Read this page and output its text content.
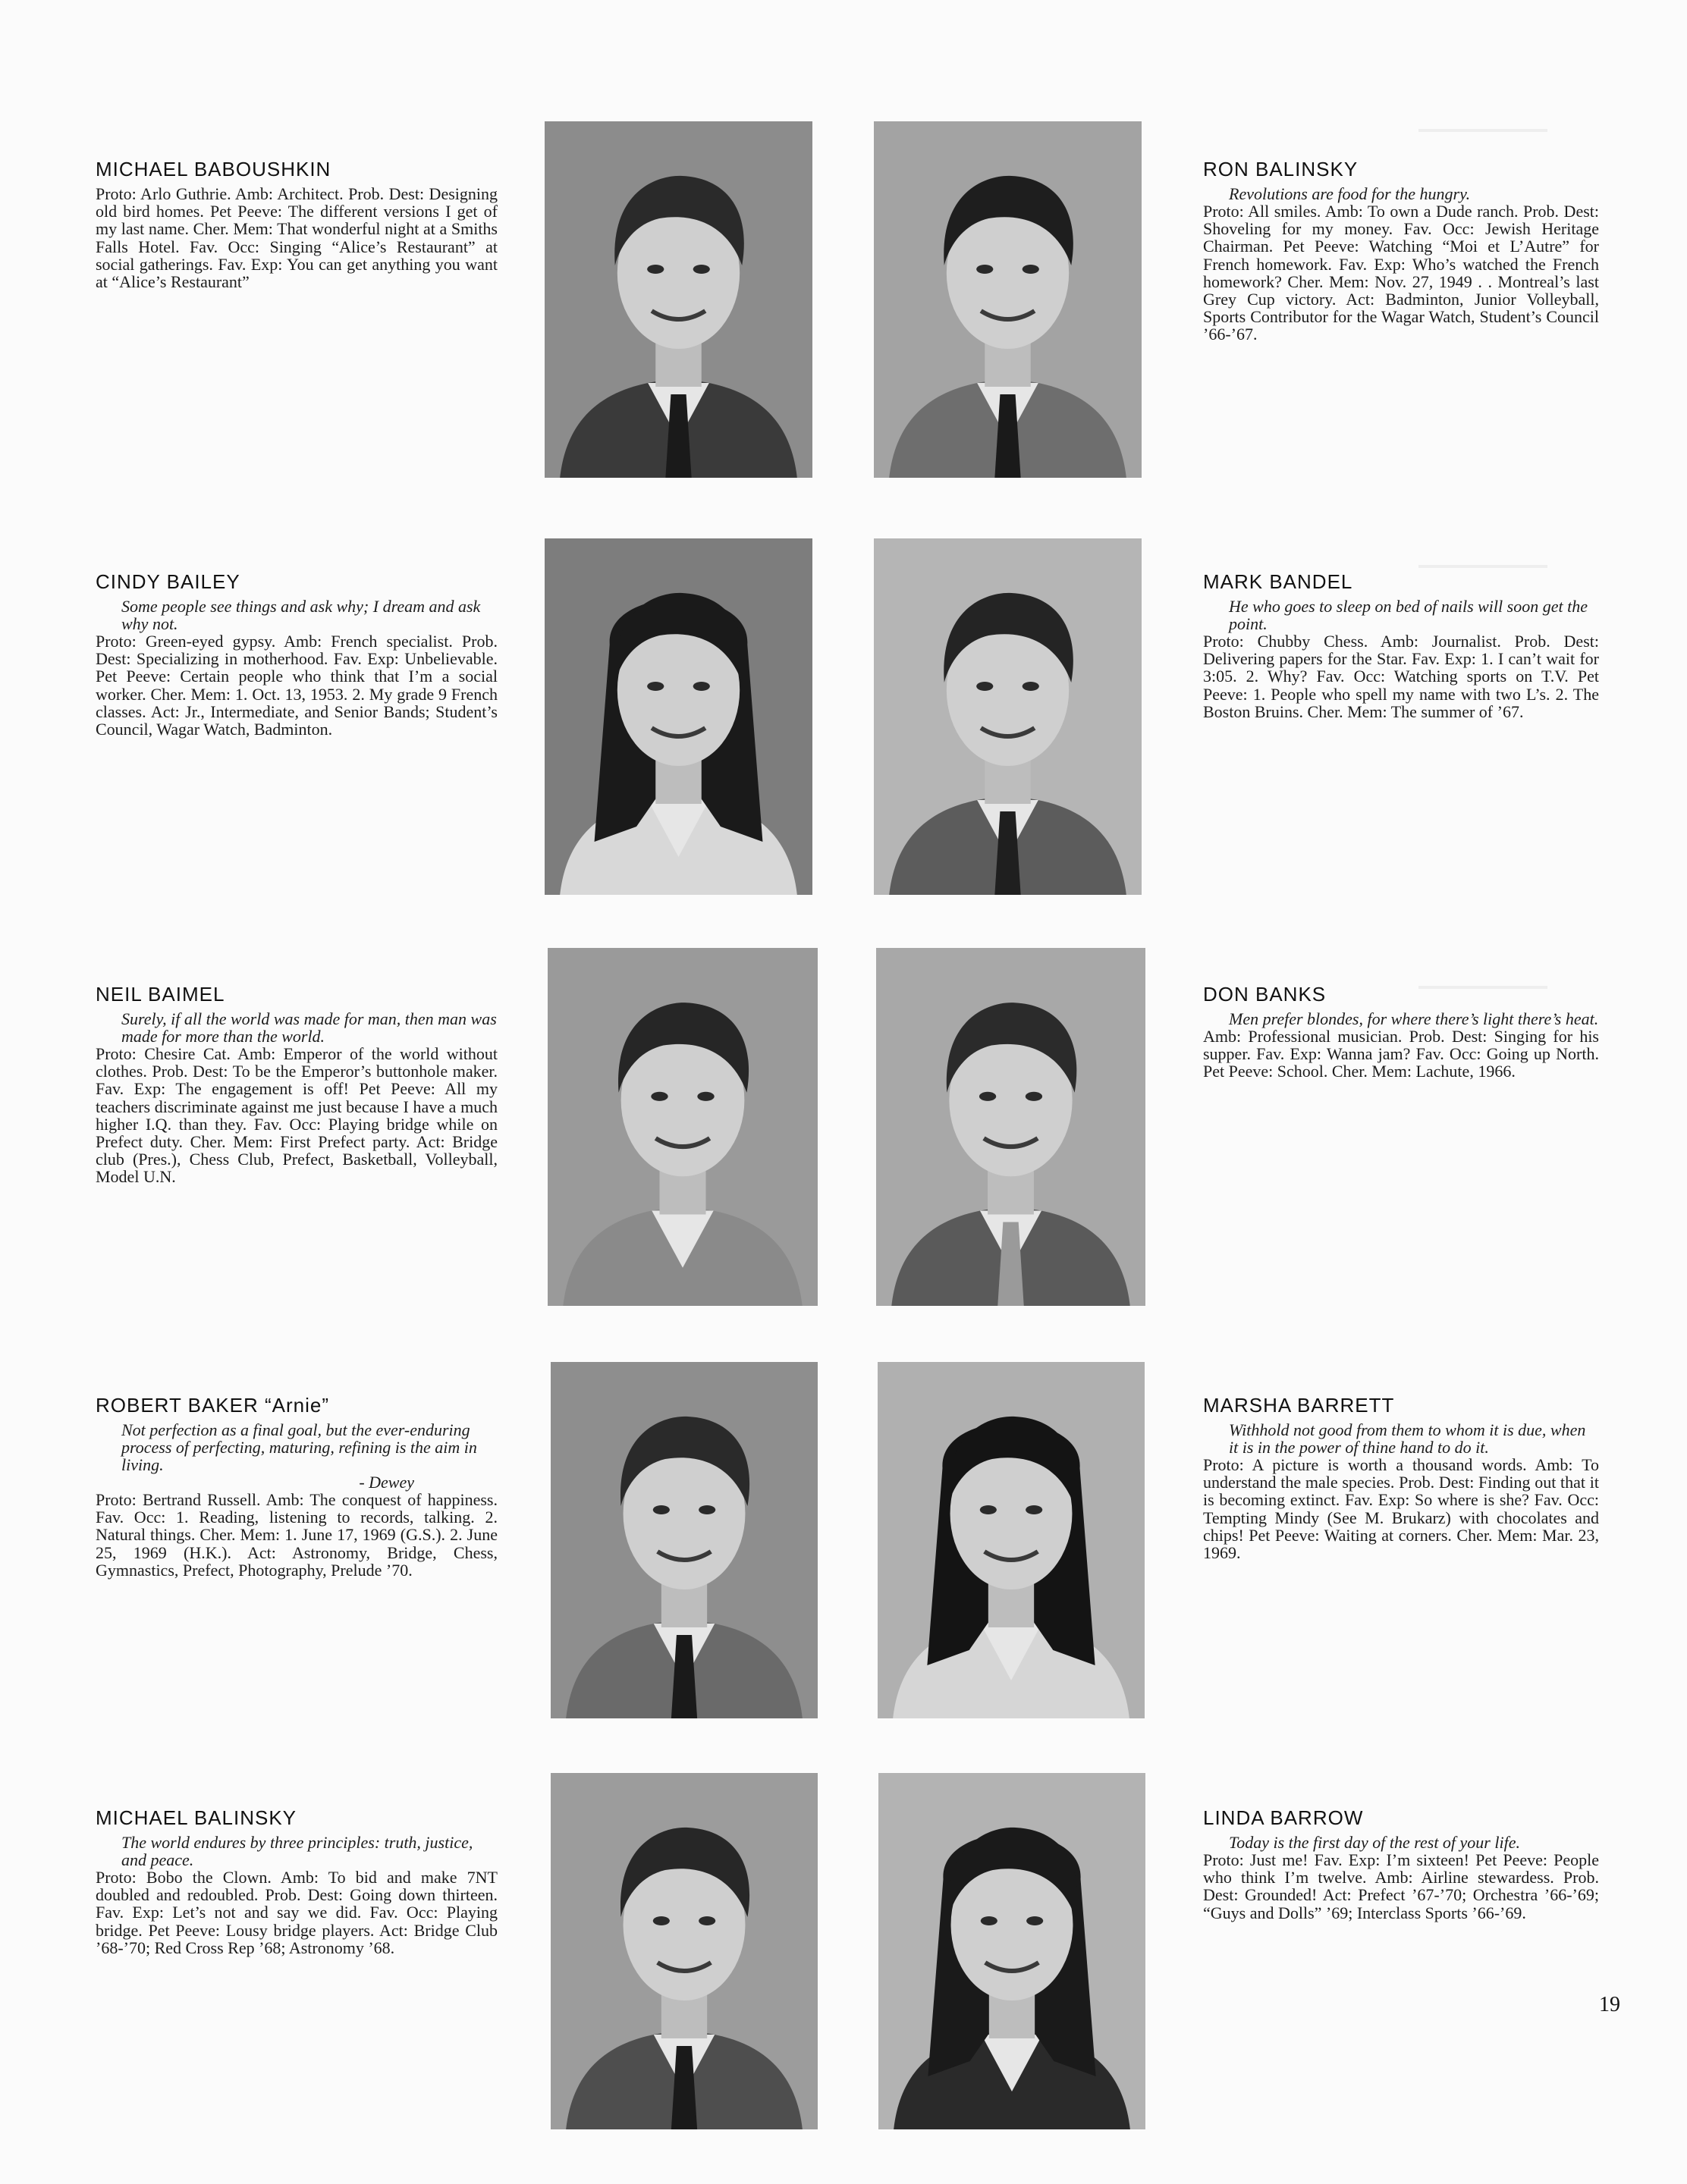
MICHAEL BABOUSHKIN
Proto: Arlo Guthrie. Amb: Architect. Prob. Dest: Designing old bird homes. Pet Peeve: The different versions I get of my last name. Cher. Mem: That wonderful night at a Smiths Falls Hotel. Fav. Occ: Singing “Alice’s Restaurant” at social gatherings. Fav. Exp: You can get anything you want at “Alice’s Restaurant”
RON BALINSKY
Revolutions are food for the hungry.
Proto: All smiles. Amb: To own a Dude ranch. Prob. Dest: Shoveling for my money. Fav. Occ: Jewish Heritage Chairman. Pet Peeve: Watching “Moi et L’Autre” for French homework. Fav. Exp: Who’s watched the French homework? Cher. Mem: Nov. 27, 1949 . . Montreal’s last Grey Cup victory. Act: Badminton, Junior Volleyball, Sports Contributor for the Wagar Watch, Student’s Council ’66-’67.
CINDY BAILEY
Some people see things and ask why; I dream and ask why not.
Proto: Green-eyed gypsy. Amb: French specialist. Prob. Dest: Specializing in motherhood. Fav. Exp: Unbelievable. Pet Peeve: Certain people who think that I’m a social worker. Cher. Mem: 1. Oct. 13, 1953. 2. My grade 9 French classes. Act: Jr., Intermediate, and Senior Bands; Student’s Council, Wagar Watch, Badminton.
MARK BANDEL
He who goes to sleep on bed of nails will soon get the point.
Proto: Chubby Chess. Amb: Journalist. Prob. Dest: Delivering papers for the Star. Fav. Exp: 1. I can’t wait for 3:05. 2. Why? Fav. Occ: Watching sports on T.V. Pet Peeve: 1. People who spell my name with two L’s. 2. The Boston Bruins. Cher. Mem: The summer of ’67.
NEIL BAIMEL
Surely, if all the world was made for man, then man was made for more than the world.
Proto: Chesire Cat. Amb: Emperor of the world without clothes. Prob. Dest: To be the Emperor’s buttonhole maker. Fav. Exp: The engagement is off! Pet Peeve: All my teachers discriminate against me just because I have a much higher I.Q. than they. Fav. Occ: Playing bridge while on Prefect duty. Cher. Mem: First Prefect party. Act: Bridge club (Pres.), Chess Club, Prefect, Basketball, Volleyball, Model U.N.
DON BANKS
Men prefer blondes, for where there’s light there’s heat.
Amb: Professional musician. Prob. Dest: Singing for his supper. Fav. Exp: Wanna jam? Fav. Occ: Going up North. Pet Peeve: School. Cher. Mem: Lachute, 1966.
ROBERT BAKER “Arnie”
Not perfection as a final goal, but the ever-enduring process of perfecting, maturing, refining is the aim in living.
- Dewey
Proto: Bertrand Russell. Amb: The conquest of happiness. Fav. Occ: 1. Reading, listening to records, talking. 2. Natural things. Cher. Mem: 1. June 17, 1969 (G.S.). 2. June 25, 1969 (H.K.). Act: Astronomy, Bridge, Chess, Gymnastics, Prefect, Photography, Prelude ’70.
MARSHA BARRETT
Withhold not good from them to whom it is due, when it is in the power of thine hand to do it.
Proto: A picture is worth a thousand words. Amb: To understand the male species. Prob. Dest: Finding out that it is becoming extinct. Fav. Exp: So where is she? Fav. Occ: Tempting Mindy (See M. Brukarz) with chocolates and chips! Pet Peeve: Waiting at corners. Cher. Mem: Mar. 23, 1969.
MICHAEL BALINSKY
The world endures by three principles: truth, justice, and peace.
Proto: Bobo the Clown. Amb: To bid and make 7NT doubled and redoubled. Prob. Dest: Going down thirteen. Fav. Exp: Let’s not and say we did. Fav. Occ: Playing bridge. Pet Peeve: Lousy bridge players. Act: Bridge Club ’68-’70; Red Cross Rep ’68; Astronomy ’68.
LINDA BARROW
Today is the first day of the rest of your life.
Proto: Just me! Fav. Exp: I’m sixteen! Pet Peeve: People who think I’m twelve. Amb: Airline stewardess. Prob. Dest: Grounded! Act: Prefect ’67-’70; Orchestra ’66-’69; “Guys and Dolls” ’69; Interclass Sports ’66-’69.
19
